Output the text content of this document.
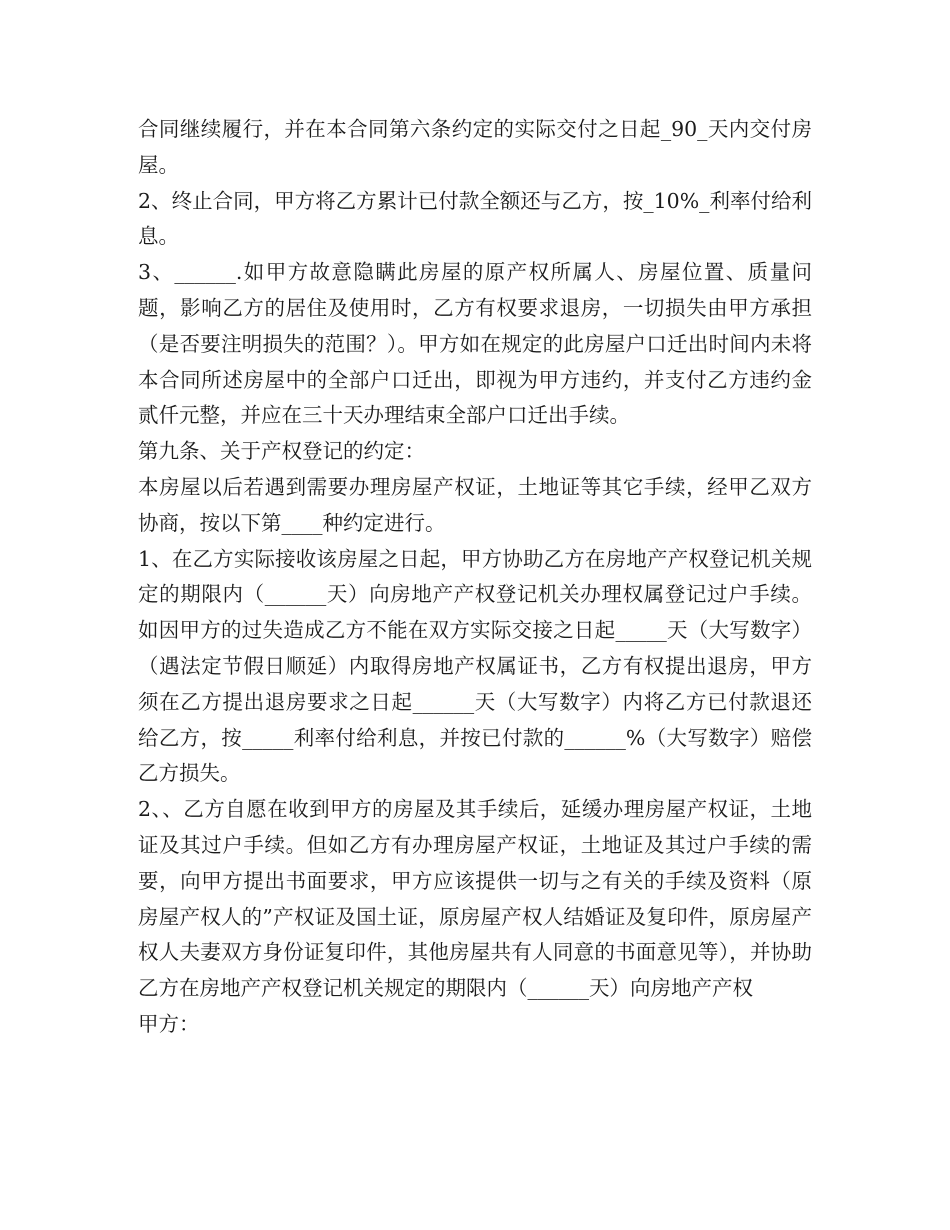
合同继续履行，并在本合同第六条约定的实际交付之日起_90_天内交付房屋。

2、终止合同，甲方将乙方累计已付款全额还与乙方，按_10%_利率付给利息。

3、______.如甲方故意隐瞒此房屋的原产权所属人、房屋位置、质量问题，影响乙方的居住及使用时，乙方有权要求退房，一切损失由甲方承担（是否要注明损失的范围？）。甲方如在规定的此房屋户口迁出时间内未将本合同所述房屋中的全部户口迁出，即视为甲方违约，并支付乙方违约金贰仟元整，并应在三十天办理结束全部户口迁出手续。

第九条、关于产权登记的约定：

本房屋以后若遇到需要办理房屋产权证，土地证等其它手续，经甲乙双方协商，按以下第____种约定进行。

1、在乙方实际接收该房屋之日起，甲方协助乙方在房地产产权登记机关规定的期限内（______天）向房地产产权登记机关办理权属登记过户手续。如因甲方的过失造成乙方不能在双方实际交接之日起_____天（大写数字）（遇法定节假日顺延）内取得房地产权属证书，乙方有权提出退房，甲方须在乙方提出退房要求之日起______天（大写数字）内将乙方已付款退还给乙方，按_____利率付给利息，并按已付款的______%（大写数字）赔偿乙方损失。

2、、乙方自愿在收到甲方的房屋及其手续后，延缓办理房屋产权证，土地证及其过户手续。但如乙方有办理房屋产权证，土地证及其过户手续的需要，向甲方提出书面要求，甲方应该提供一切与之有关的手续及资料（原房屋产权人的”产权证及国土证，原房屋产权人结婚证及复印件，原房屋产权人夫妻双方身份证复印件，其他房屋共有人同意的书面意见等），并协助乙方在房地产产权登记机关规定的期限内（______天）向房地产产权

甲方：
